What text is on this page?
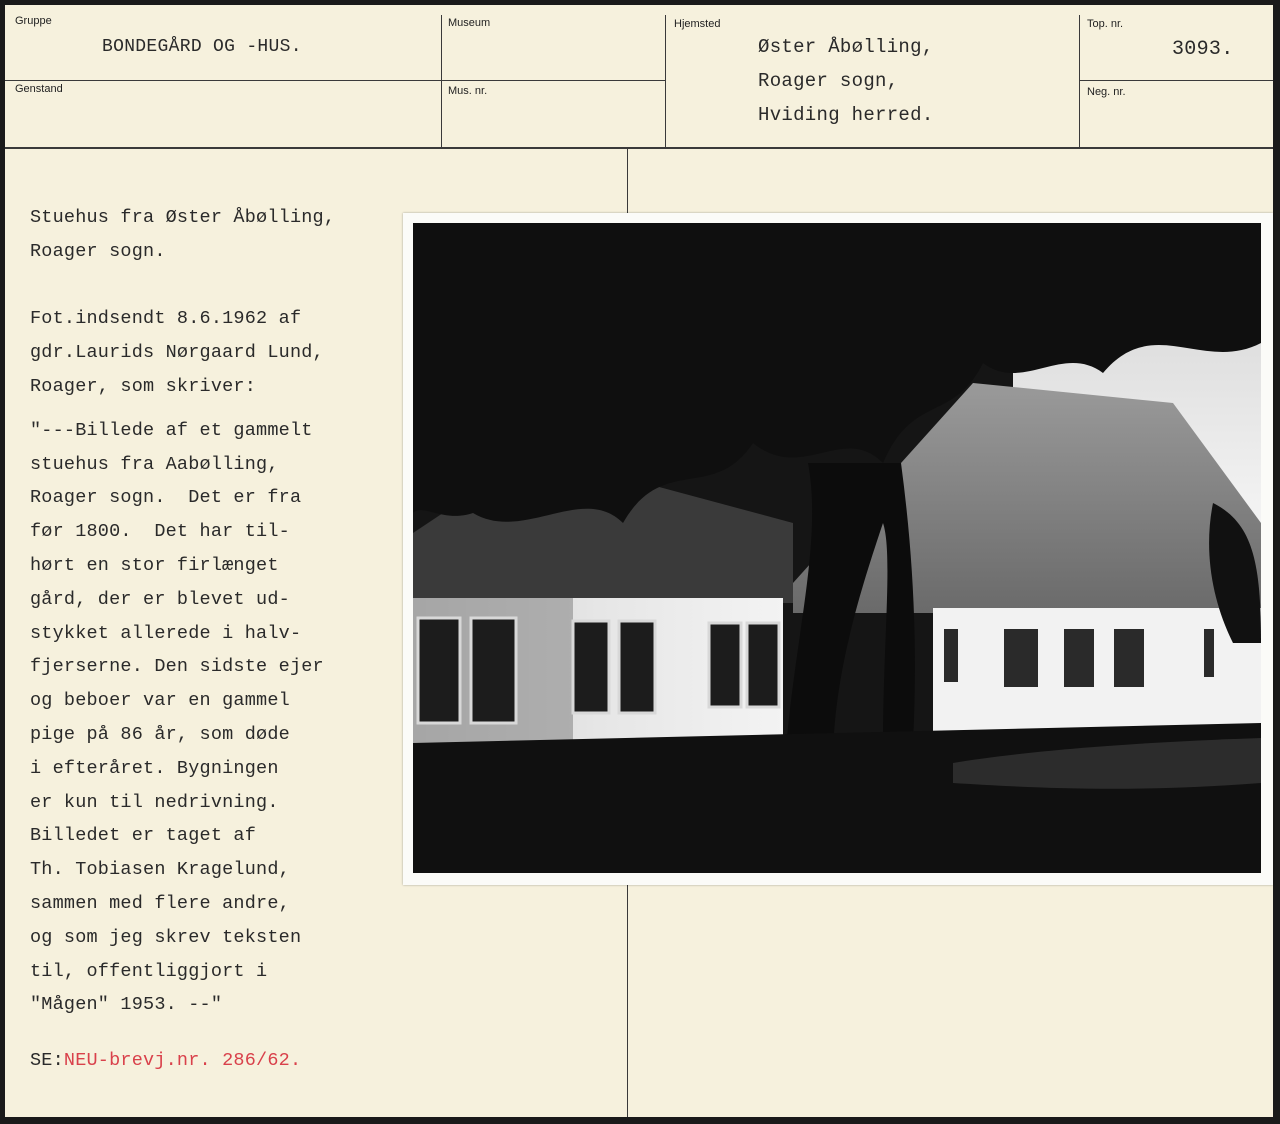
Gruppe
BONDEGÅRD OG -HUS.
Genstand
Museum
Mus. nr.
Hjemsted
Øster Åbølling,
Roager sogn,
Hviding herred.
Top. nr.
3093.
Neg. nr.
Stuehus fra Øster Åbølling,
Roager sogn.
Fot.indsendt 8.6.1962 af
gdr.Laurids Nørgaard Lund,
Roager, som skriver:
"---Billede af et gammelt
stuehus fra Aabølling,
Roager sogn.  Det er fra
før 1800.  Det har til-
hørt en stor firlænget
gård, der er blevet ud-
stykket allerede i halv-
fjerserne. Den sidste ejer
og beboer var en gammel
pige på 86 år, som døde
i efteråret. Bygningen
er kun til nedrivning.
Billedet er taget af
Th. Tobiasen Kragelund,
sammen med flere andre,
og som jeg skrev teksten
til, offentliggjort i
"Mågen" 1953. --"
SE:NEU-brevj.nr. 286/62.
